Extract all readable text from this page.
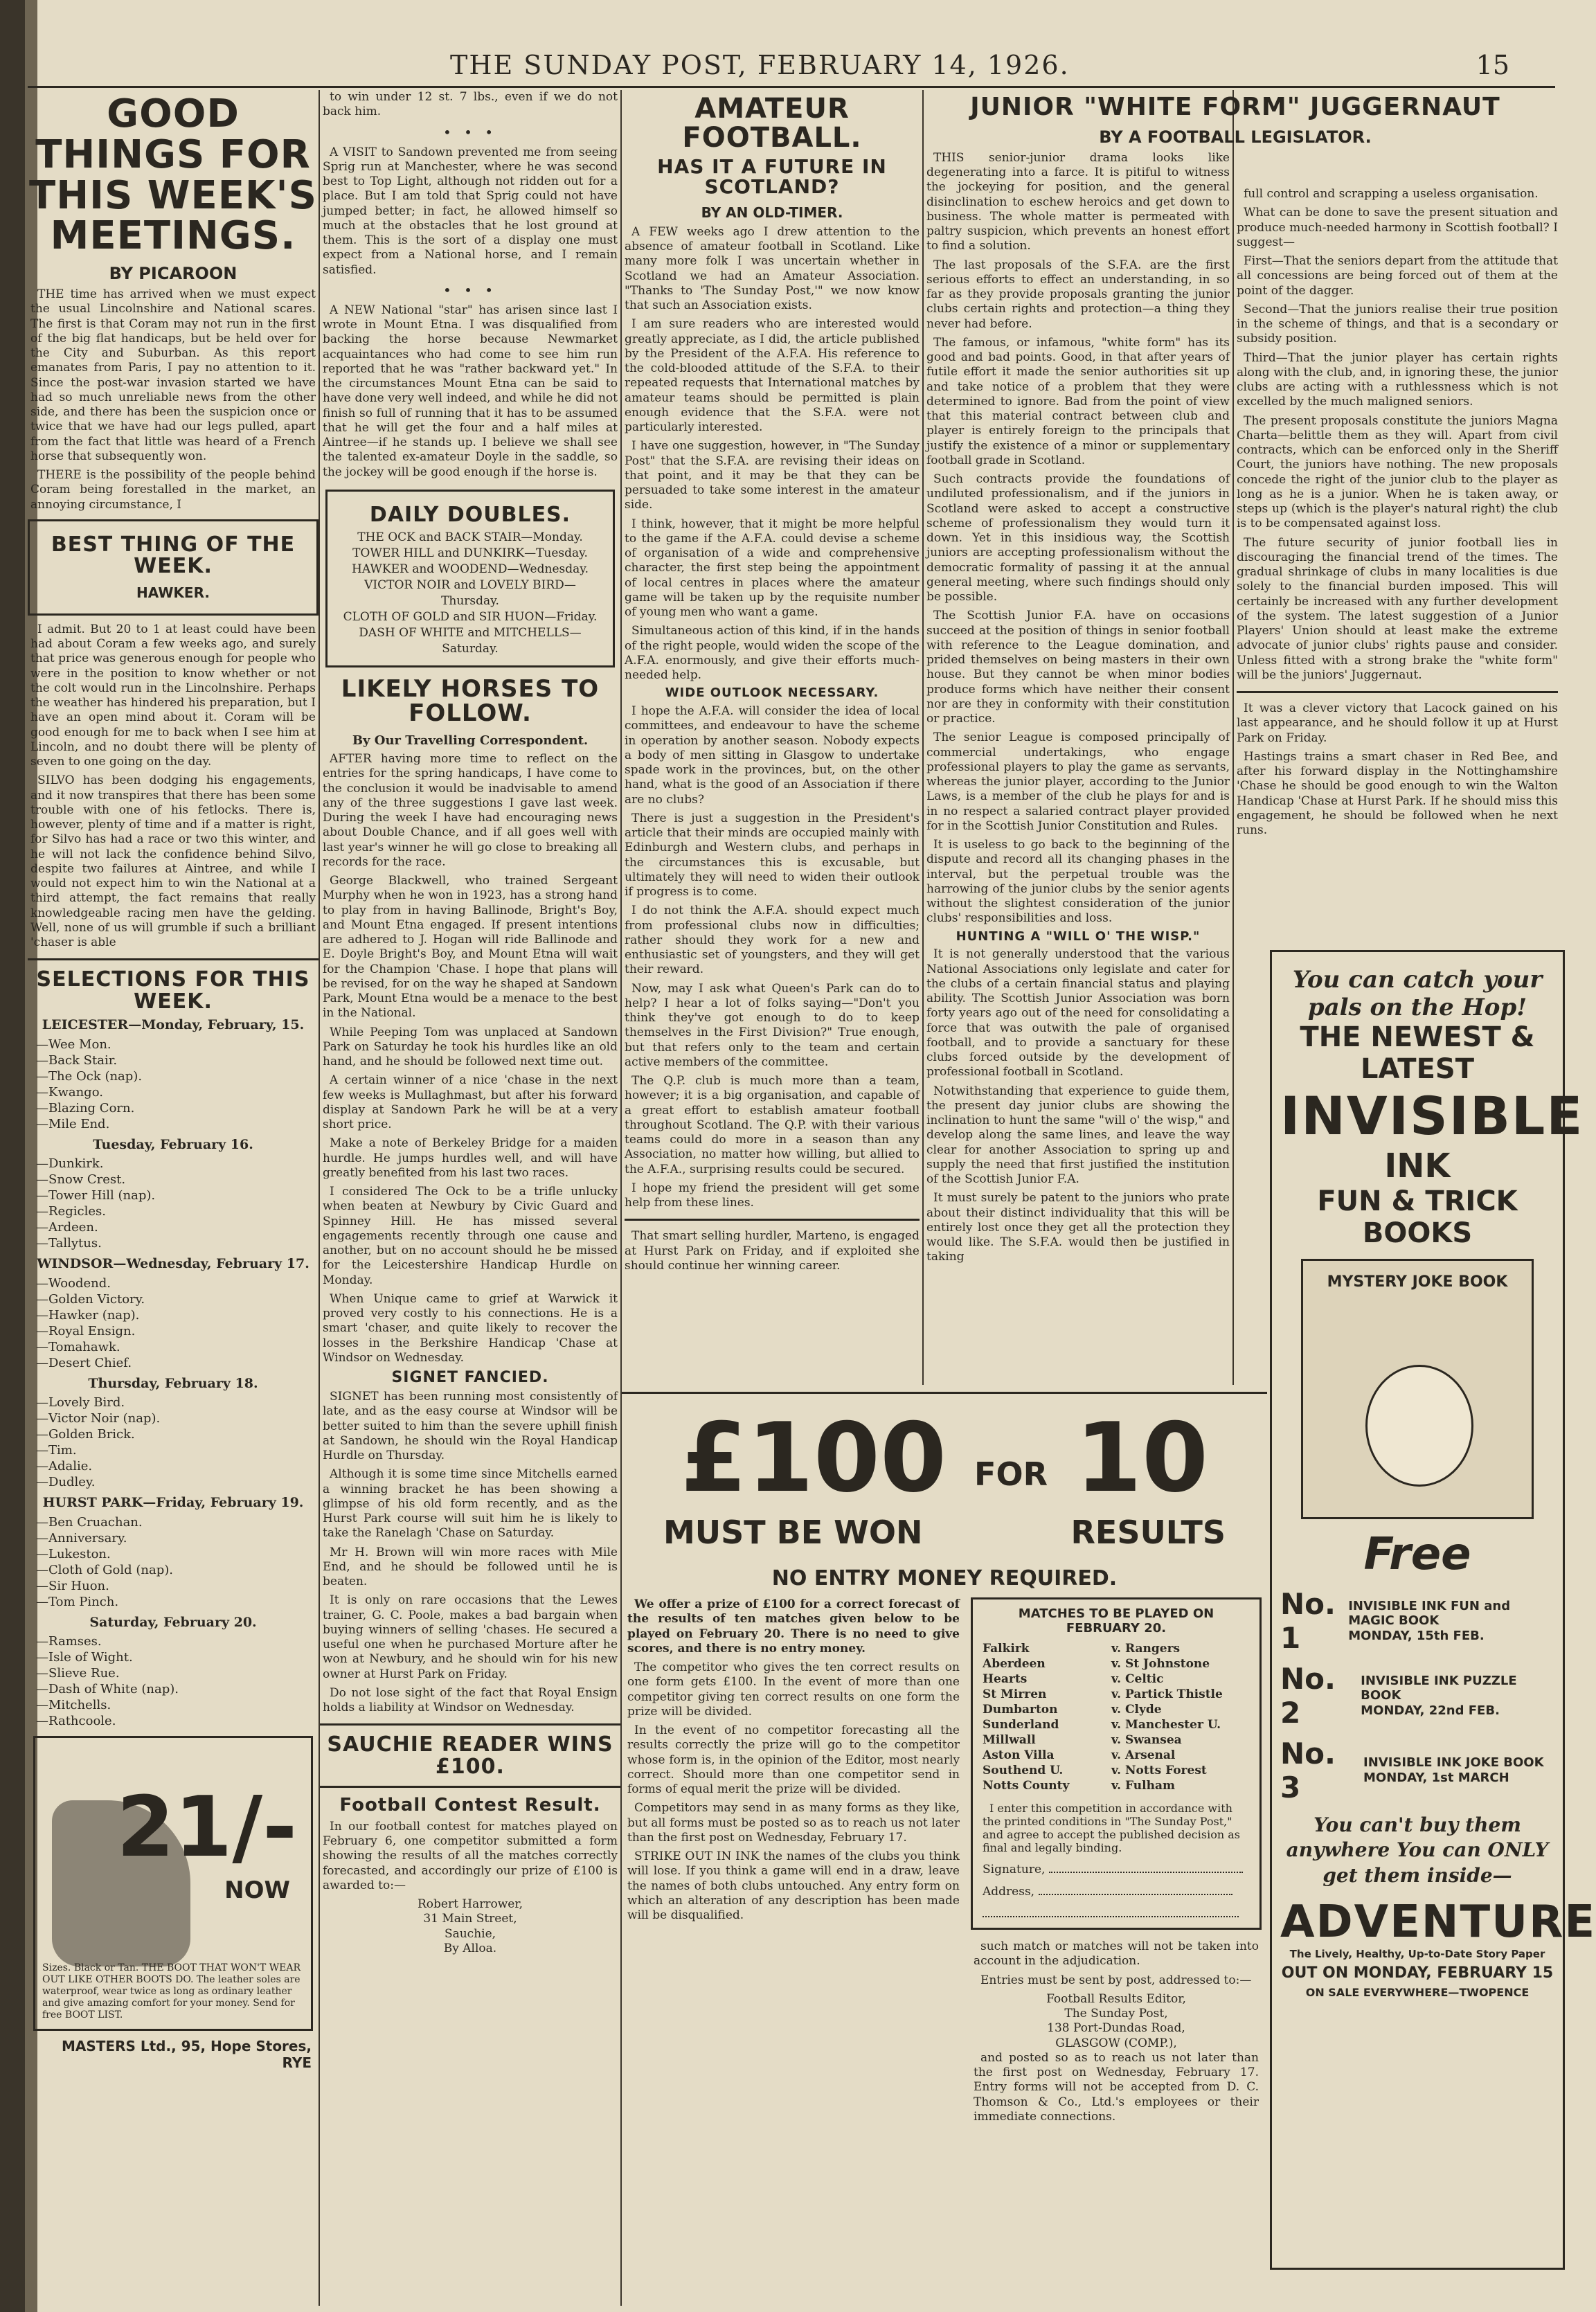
THE SUNDAY POST, FEBRUARY 14, 1926.	15
GOOD THINGS FOR THIS WEEK'S MEETINGS.
BY PICAROON

THE time has arrived when we must expect the usual Lincolnshire and National scares. The first is that Coram may not run in the first of the big flat handicaps, but be held over for the City and Suburban. As this report emanates from Paris, I pay no attention to it. Since the post-war invasion started we have had so much unreliable news from the other side, and there has been the suspicion once or twice that we have had our legs pulled, apart from the fact that little was heard of a French horse that subsequently won.

THERE is the possibility of the people behind Coram being forestalled in the market, an annoying circumstance, I

BEST THING OF THE WEEK.
HAWKER.

I admit. But 20 to 1 at least could have been had about Coram a few weeks ago, and surely that price was generous enough for people who were in the position to know whether or not the colt would run in the Lincolnshire. Perhaps the weather has hindered his preparation, but I have an open mind about it. Coram will be good enough for me to back when I see him at Lincoln, and no doubt there will be plenty of seven to one going on the day.

SILVO has been dodging his engagements, and it now transpires that there has been some trouble with one of his fetlocks. There is, however, plenty of time and if a matter is right, for Silvo has had a race or two this winter, and he will not lack the confidence behind Silvo, despite two failures at Aintree, and while I would not expect him to win the National at a third attempt, the fact remains that really knowledgeable racing men have the gelding. Well, none of us will grumble if such a brilliant 'chaser is able

SELECTIONS FOR THIS WEEK.
LEICESTER—Monday, February, 15.
—Wee Mon.
—Back Stair.
—The Ock (nap).
—Kwango.
—Blazing Corn.
—Mile End.
Tuesday, February 16.
—Dunkirk.
—Snow Crest.
—Tower Hill (nap).
—Regicles.
—Ardeen.
—Tallytus.
WINDSOR—Wednesday, February 17.
—Woodend.
—Golden Victory.
—Hawker (nap).
—Royal Ensign.
—Tomahawk.
—Desert Chief.
Thursday, February 18.
—Lovely Bird.
—Victor Noir (nap).
—Golden Brick.
—Tim.
—Adalie.
—Dudley.
HURST PARK—Friday, February 19.
—Ben Cruachan.
—Anniversary.
—Lukeston.
—Cloth of Gold (nap).
—Sir Huon.
—Tom Pinch.
Saturday, February 20.
—Ramses.
—Isle of Wight.
—Slieve Rue.
—Dash of White (nap).
—Mitchells.
—Rathcoole.
21/-
NOW
Sizes. Black or Tan. THE BOOT THAT WON'T WEAR OUT LIKE OTHER BOOTS DO. The leather soles are waterproof, wear twice as long as ordinary leather and give amazing comfort for your money. Send for free BOOT LIST.
MASTERS Ltd., 95, Hope Stores, RYE

to win under 12 st. 7 lbs., even if we do not back him.

• • •

A VISIT to Sandown prevented me from seeing Sprig run at Manchester, where he was second best to Top Light, although not ridden out for a place. But I am told that Sprig could not have jumped better; in fact, he allowed himself so much at the obstacles that he lost ground at them. This is the sort of a display one must expect from a National horse, and I remain satisfied.

• • •

A NEW National "star" has arisen since last I wrote in Mount Etna. I was disqualified from backing the horse because Newmarket acquaintances who had come to see him run reported that he was "rather backward yet." In the circumstances Mount Etna can be said to have done very well indeed, and while he did not finish so full of running that it has to be assumed that he will get the four and a half miles at Aintree—if he stands up. I believe we shall see the talented ex-amateur Doyle in the saddle, so the jockey will be good enough if the horse is.

DAILY DOUBLES.
THE OCK and BACK STAIR—Monday.
TOWER HILL and DUNKIRK—Tuesday.
HAWKER and WOODEND—Wednesday.
VICTOR NOIR and LOVELY BIRD—Thursday.
CLOTH OF GOLD and SIR HUON—Friday.
DASH OF WHITE and MITCHELLS—Saturday.
LIKELY HORSES TO FOLLOW.
By Our Travelling Correspondent.

AFTER having more time to reflect on the entries for the spring handicaps, I have come to the conclusion it would be inadvisable to amend any of the three suggestions I gave last week. During the week I have had encouraging news about Double Chance, and if all goes well with last year's winner he will go close to breaking all records for the race.

George Blackwell, who trained Sergeant Murphy when he won in 1923, has a strong hand to play from in having Ballinode, Bright's Boy, and Mount Etna engaged. If present intentions are adhered to J. Hogan will ride Ballinode and E. Doyle Bright's Boy, and Mount Etna will wait for the Champion 'Chase. I hope that plans will be revised, for on the way he shaped at Sandown Park, Mount Etna would be a menace to the best in the National.

While Peeping Tom was unplaced at Sandown Park on Saturday he took his hurdles like an old hand, and he should be followed next time out.

A certain winner of a nice 'chase in the next few weeks is Mullaghmast, but after his forward display at Sandown Park he will be at a very short price.

Make a note of Berkeley Bridge for a maiden hurdle. He jumps hurdles well, and will have greatly benefited from his last two races.

I considered The Ock to be a trifle unlucky when beaten at Newbury by Civic Guard and Spinney Hill. He has missed several engagements recently through one cause and another, but on no account should he be missed for the Leicestershire Handicap Hurdle on Monday.

When Unique came to grief at Warwick it proved very costly to his connections. He is a smart 'chaser, and quite likely to recover the losses in the Berkshire Handicap 'Chase at Windsor on Wednesday.

SIGNET FANCIED.

SIGNET has been running most consistently of late, and as the easy course at Windsor will be better suited to him than the severe uphill finish at Sandown, he should win the Royal Handicap Hurdle on Thursday.

Although it is some time since Mitchells earned a winning bracket he has been showing a glimpse of his old form recently, and as the Hurst Park course will suit him he is likely to take the Ranelagh 'Chase on Saturday.

Mr H. Brown will win more races with Mile End, and he should be followed until he is beaten.

It is only on rare occasions that the Lewes trainer, G. C. Poole, makes a bad bargain when buying winners of selling 'chases. He secured a useful one when he purchased Morture after he won at Newbury, and he should win for his new owner at Hurst Park on Friday.

Do not lose sight of the fact that Royal Ensign holds a liability at Windsor on Wednesday.

SAUCHIE READER WINS £100.
Football Contest Result.

In our football contest for matches played on February 6, one competitor submitted a form showing the results of all the matches correctly forecasted, and accordingly our prize of £100 is awarded to:—

Robert Harrower,
31 Main Street,
Sauchie,
By Alloa.
AMATEUR FOOTBALL.
HAS IT A FUTURE IN SCOTLAND?
BY AN OLD-TIMER.

A FEW weeks ago I drew attention to the absence of amateur football in Scotland. Like many more folk I was uncertain whether in Scotland we had an Amateur Association. "Thanks to 'The Sunday Post,'" we now know that such an Association exists.

I am sure readers who are interested would greatly appreciate, as I did, the article published by the President of the A.F.A. His reference to the cold-blooded attitude of the S.F.A. to their repeated requests that International matches by amateur teams should be permitted is plain enough evidence that the S.F.A. were not particularly interested.

I have one suggestion, however, in "The Sunday Post" that the S.F.A. are revising their ideas on that point, and it may be that they can be persuaded to take some interest in the amateur side.

I think, however, that it might be more helpful to the game if the A.F.A. could devise a scheme of organisation of a wide and comprehensive character, the first step being the appointment of local centres in places where the amateur game will be taken up by the requisite number of young men who want a game.

Simultaneous action of this kind, if in the hands of the right people, would widen the scope of the A.F.A. enormously, and give their efforts much-needed help.

WIDE OUTLOOK NECESSARY.

I hope the A.F.A. will consider the idea of local committees, and endeavour to have the scheme in operation by another season. Nobody expects a body of men sitting in Glasgow to undertake spade work in the provinces, but, on the other hand, what is the good of an Association if there are no clubs?

There is just a suggestion in the President's article that their minds are occupied mainly with Edinburgh and Western clubs, and perhaps in the circumstances this is excusable, but ultimately they will need to widen their outlook if progress is to come.

I do not think the A.F.A. should expect much from professional clubs now in difficulties; rather should they work for a new and enthusiastic set of youngsters, and they will get their reward.

Now, may I ask what Queen's Park can do to help? I hear a lot of folks saying—"Don't you think they've got enough to do to keep themselves in the First Division?" True enough, but that refers only to the team and certain active members of the committee.

The Q.P. club is much more than a team, however; it is a big organisation, and capable of a great effort to establish amateur football throughout Scotland. The Q.P. with their various teams could do more in a season than any Association, no matter how willing, but allied to the A.F.A., surprising results could be secured.

I hope my friend the president will get some help from these lines.

That smart selling hurdler, Marteno, is engaged at Hurst Park on Friday, and if exploited she should continue her winning career.

JUNIOR "WHITE FORM" JUGGERNAUT
BY A FOOTBALL LEGISLATOR.

THIS senior-junior drama looks like degenerating into a farce. It is pitiful to witness the jockeying for position, and the general disinclination to eschew heroics and get down to business. The whole matter is permeated with paltry suspicion, which prevents an honest effort to find a solution.

The last proposals of the S.F.A. are the first serious efforts to effect an understanding, in so far as they provide proposals granting the junior clubs certain rights and protection—a thing they never had before.

The famous, or infamous, "white form" has its good and bad points. Good, in that after years of futile effort it made the senior authorities sit up and take notice of a problem that they were determined to ignore. Bad from the point of view that this material contract between club and player is entirely foreign to the principals that justify the existence of a minor or supplementary football grade in Scotland.

Such contracts provide the foundations of undiluted professionalism, and if the juniors in Scotland were asked to accept a constructive scheme of professionalism they would turn it down. Yet in this insidious way, the Scottish juniors are accepting professionalism without the democratic formality of passing it at the annual general meeting, where such findings should only be possible.

The Scottish Junior F.A. have on occasions succeed at the position of things in senior football with reference to the League domination, and prided themselves on being masters in their own house. But they cannot be when minor bodies produce forms which have neither their consent nor are they in conformity with their constitution or practice.

The senior League is composed principally of commercial undertakings, who engage professional players to play the game as servants, whereas the junior player, according to the Junior Laws, is a member of the club he plays for and is in no respect a salaried contract player provided for in the Scottish Junior Constitution and Rules.

It is useless to go back to the beginning of the dispute and record all its changing phases in the interval, but the perpetual trouble was the harrowing of the junior clubs by the senior agents without the slightest consideration of the junior clubs' responsibilities and loss.

HUNTING A "WILL O' THE WISP."

It is not generally understood that the various National Associations only legislate and cater for the clubs of a certain financial status and playing ability. The Scottish Junior Association was born forty years ago out of the need for consolidating a force that was outwith the pale of organised football, and to provide a sanctuary for these clubs forced outside by the development of professional football in Scotland.

Notwithstanding that experience to guide them, the present day junior clubs are showing the inclination to hunt the same "will o' the wisp," and develop along the same lines, and leave the way clear for another Association to spring up and supply the need that first justified the institution of the Scottish Junior F.A.

It must surely be patent to the juniors who prate about their distinct individuality that this will be entirely lost once they get all the protection they would like. The S.F.A. would then be justified in taking

full control and scrapping a useless organisation.

What can be done to save the present situation and produce much-needed harmony in Scottish football? I suggest—

First—That the seniors depart from the attitude that all concessions are being forced out of them at the point of the dagger.

Second—That the juniors realise their true position in the scheme of things, and that is a secondary or subsidy position.

Third—That the junior player has certain rights along with the club, and, in ignoring these, the junior clubs are acting with a ruthlessness which is not excelled by the much maligned seniors.

The present proposals constitute the juniors Magna Charta—belittle them as they will. Apart from civil contracts, which can be enforced only in the Sheriff Court, the juniors have nothing. The new proposals concede the right of the junior club to the player as long as he is a junior. When he is taken away, or steps up (which is the player's natural right) the club is to be compensated against loss.

The future security of junior football lies in discouraging the financial trend of the times. The gradual shrinkage of clubs in many localities is due solely to the financial burden imposed. This will certainly be increased with any further development of the system. The latest suggestion of a Junior Players' Union should at least make the extreme advocate of junior clubs' rights pause and consider. Unless fitted with a strong brake the "white form" will be the juniors' Juggernaut.

It was a clever victory that Lacock gained on his last appearance, and he should follow it up at Hurst Park on Friday.

Hastings trains a smart chaser in Red Bee, and after his forward display in the Nottinghamshire 'Chase he should be good enough to win the Walton Handicap 'Chase at Hurst Park. If he should miss this engagement, he should be followed when he next runs.

You can catch your pals on the Hop!
THE NEWEST & LATEST
INVISIBLE
INK
FUN & TRICK BOOKS
MYSTERY JOKE BOOK
Free
No. 1
INVISIBLE INK FUN and MAGIC BOOK
MONDAY, 15th FEB.
No. 2
INVISIBLE INK PUZZLE BOOK
MONDAY, 22nd FEB.
No. 3
INVISIBLE INK JOKE BOOK
MONDAY, 1st MARCH
You can't buy them anywhere You can ONLY get them inside—
ADVENTURE
The Lively, Healthy, Up-to-Date Story Paper
OUT ON MONDAY, FEBRUARY 15
ON SALE EVERYWHERE—TWOPENCE
£100 FOR 10
MUST BE WON	RESULTS
NO ENTRY MONEY REQUIRED.

We offer a prize of £100 for a correct forecast of the results of ten matches given below to be played on February 20. There is no need to give scores, and there is no entry money.

The competitor who gives the ten correct results on one form gets £100. In the event of more than one competitor giving ten correct results on one form the prize will be divided.

In the event of no competitor forecasting all the results correctly the prize will go to the competitor whose form is, in the opinion of the Editor, most nearly correct. Should more than one competitor send in forms of equal merit the prize will be divided.

Competitors may send in as many forms as they like, but all forms must be posted so as to reach us not later than the first post on Wednesday, February 17.

STRIKE OUT IN INK the names of the clubs you think will lose. If you think a game will end in a draw, leave the names of both clubs untouched. Any entry form on which an alteration of any description has been made will be disqualified.

MATCHES TO BE PLAYED ON FEBRUARY 20.
Falkirk	v. Rangers
Aberdeen	v. St Johnstone
Hearts	v. Celtic
St Mirren	v. Partick Thistle
Dumbarton	v. Clyde
Sunderland	v. Manchester U.
Millwall	v. Swansea
Aston Villa	v. Arsenal
Southend U.	v. Notts Forest
Notts County	v. Fulham

I enter this competition in accordance with the printed conditions in "The Sunday Post," and agree to accept the published decision as final and legally binding.

Signature,
Address,

such match or matches will not be taken into account in the adjudication.

Entries must be sent by post, addressed to:—

Football Results Editor,
The Sunday Post,
138 Port-Dundas Road,
GLASGOW (COMP.),

and posted so as to reach us not later than the first post on Wednesday, February 17. Entry forms will not be accepted from D. C. Thomson & Co., Ltd.'s employees or their immediate connections.
